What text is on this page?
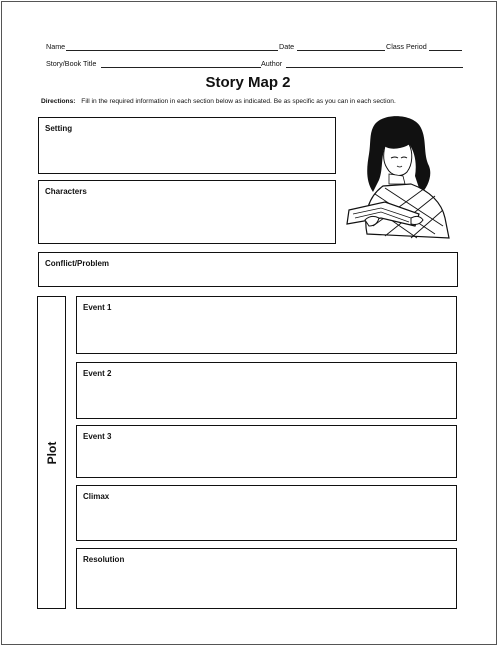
Name	Date	Class Period
Story/Book Title	Author
Story Map 2
Directions: Fill in the required information in each section below as indicated. Be as specific as you can in each section.
Setting
Characters
Conflict/Problem
Plot
Event 1
Event 2
Event 3
Climax
Resolution
